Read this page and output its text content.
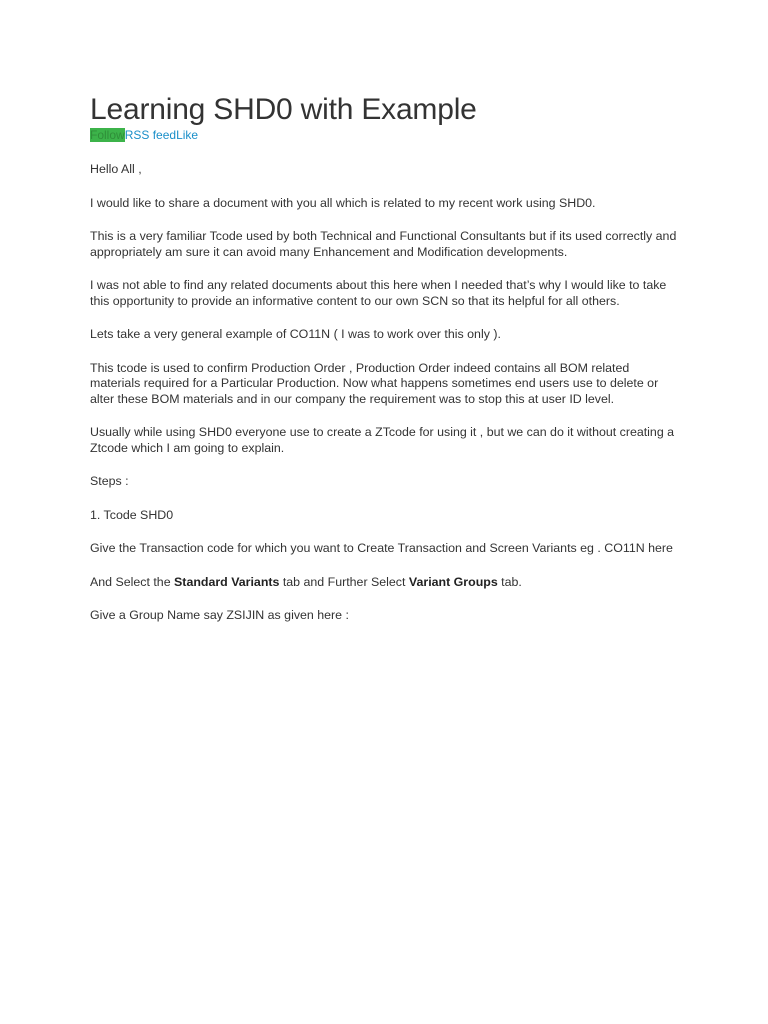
Learning SHD0 with Example
FollowRSS feedLike

Hello All ,

I would like to share a document with you all which is related to my recent work using SHD0.

This is a very familiar Tcode used by both Technical and Functional Consultants but if its used correctly and appropriately am sure it can avoid many Enhancement and Modification developments.

I was not able to find any related documents about this here when I needed that’s why I would like to take this opportunity to provide an informative content to our own SCN so that its helpful for all others.

Lets take a very general example of CO11N ( I was to work over this only ).

This tcode is used to confirm Production Order , Production Order indeed contains all BOM related materials required for a Particular Production. Now what happens sometimes end users use to delete or alter these BOM materials and in our company the requirement was to stop this at user ID level.

Usually while using SHD0 everyone use to create a ZTcode for using it , but we can do it without creating a Ztcode which I am going to explain.

Steps :

1. Tcode SHD0

Give the Transaction code for which you want to Create Transaction and Screen Variants eg . CO11N here

And Select the Standard Variants tab and Further Select Variant Groups tab.

Give a Group Name say ZSIJIN as given here :
